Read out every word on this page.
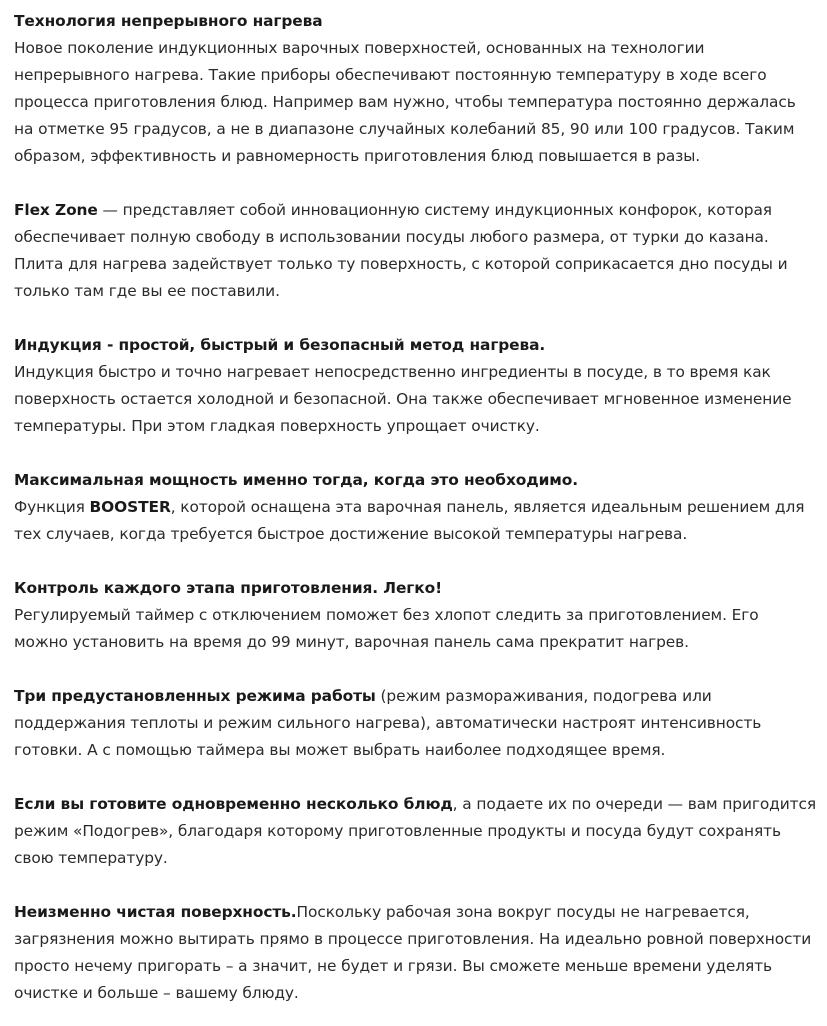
Технология непрерывного нагрева

Новое поколение индукционных варочных поверхностей, основанных на технологии непрерывного нагрева. Такие приборы обеспечивают постоянную температуру в ходе всего процесса приготовления блюд. Например вам нужно, чтобы температура постоянно держалась на отметке 95 градусов, а не в диапазоне случайных колебаний 85, 90 или 100 градусов. Таким образом, эффективность и равномерность приготовления блюд повышается в разы.

Flex Zone — представляет собой инновационную систему индукционных конфорок, которая обеспечивает полную свободу в использовании посуды любого размера, от турки до казана. Плита для нагрева задействует только ту поверхность, с которой соприкасается дно посуды и только там где вы ее поставили.

Индукция - простой, быстрый и безопасный метод нагрева.

Индукция быстро и точно нагревает непосредственно ингредиенты в посуде, в то время как поверхность остается холодной и безопасной. Она также обеспечивает мгновенное изменение температуры. При этом гладкая поверхность упрощает очистку.

Максимальная мощность именно тогда, когда это необходимо.

Функция BOOSTER, которой оснащена эта варочная панель, является идеальным решением для тех случаев, когда требуется быстрое достижение высокой температуры нагрева.

Контроль каждого этапа приготовления. Легко!

Регулируемый таймер с отключением поможет без хлопот следить за приготовлением. Его можно установить на время до 99 минут, варочная панель сама прекратит нагрев.

Три предустановленных режима работы (режим размораживания, подогрева или поддержания теплоты и режим сильного нагрева), автоматически настроят интенсивность готовки. А с помощью таймера вы может выбрать наиболее подходящее время.

Если вы готовите одновременно несколько блюд, а подаете их по очереди — вам пригодится режим «Подогрев», благодаря которому приготовленные продукты и посуда будут сохранять свою температуру.

Неизменно чистая поверхность.Поскольку рабочая зона вокруг посуды не нагревается, загрязнения можно вытирать прямо в процессе приготовления. На идеально ровной поверхности просто нечему пригорать – а значит, не будет и грязи. Вы сможете меньше времени уделять очистке и больше – вашему блюду.
